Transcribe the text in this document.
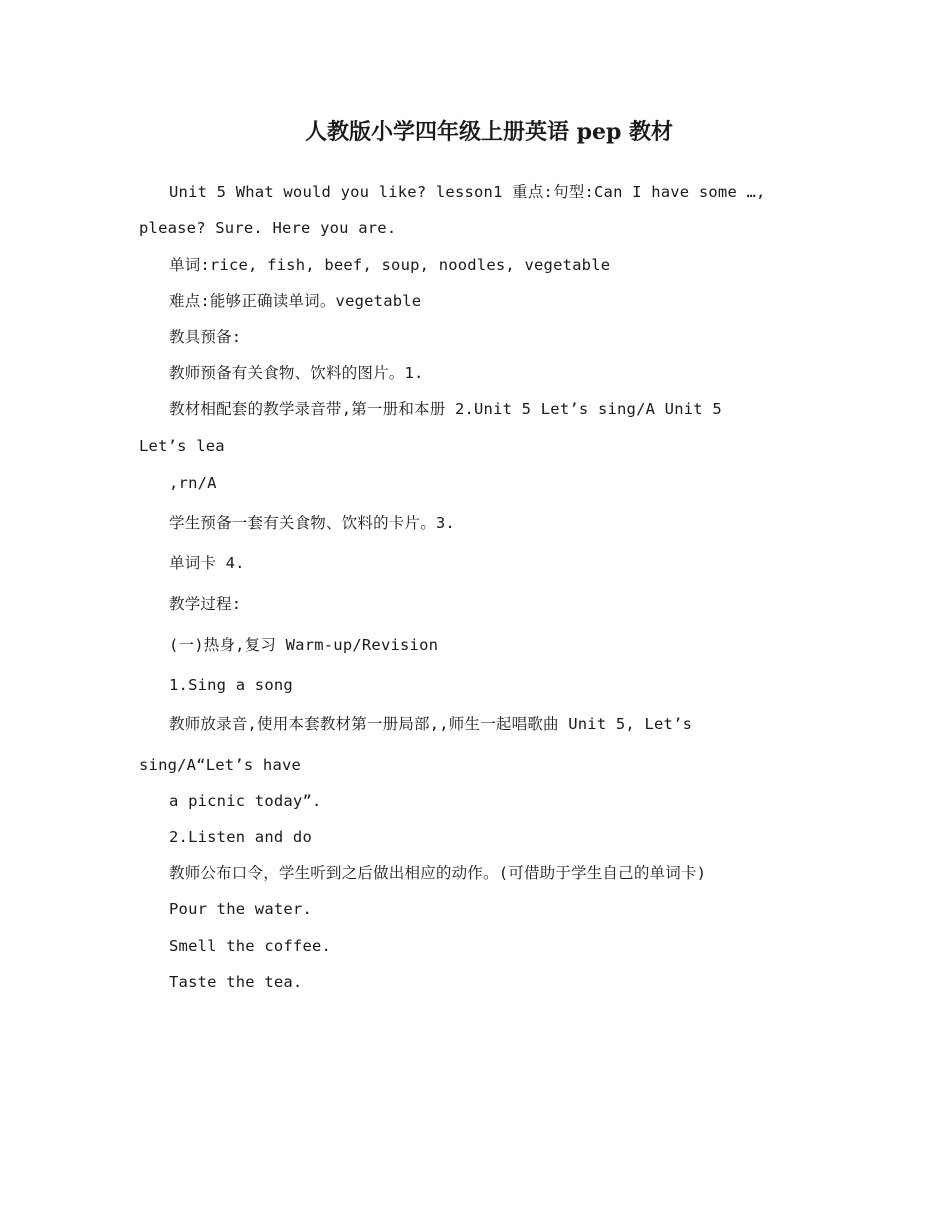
人教版小学四年级上册英语 pep 教材
Unit 5 What would you like? lesson1 重点:句型:Can I have some …,
please? Sure. Here you are.
单词:rice, fish, beef, soup, noodles, vegetable
难点:能够正确读单词。vegetable
教具预备:
教师预备有关食物、饮料的图片。1.
教材相配套的教学录音带,第一册和本册 2.Unit 5 Let’s sing/A Unit 5
Let’s lea
,rn/A
学生预备一套有关食物、饮料的卡片。3.
单词卡 4.
教学过程:
(一)热身,复习 Warm-up/Revision
1.Sing a song
教师放录音,使用本套教材第一册局部,,师生一起唱歌曲 Unit 5, Let’s
sing/A“Let’s have
a picnic today”.
2.Listen and do
教师公布口令，学生听到之后做出相应的动作。(可借助于学生自己的单词卡)
Pour the water.
Smell the coffee.
Taste the tea.
